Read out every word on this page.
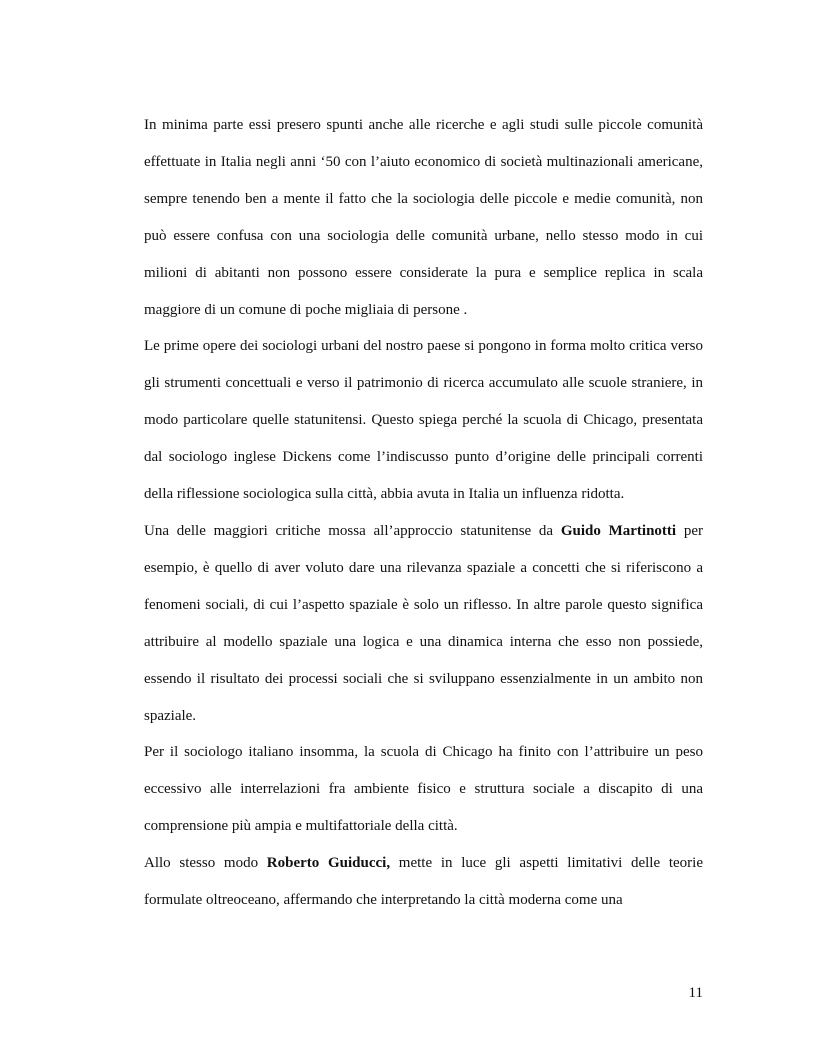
In minima parte essi presero spunti anche alle ricerche e agli studi sulle piccole comunità effettuate in Italia negli anni ‘50 con l’aiuto economico di società multinazionali americane, sempre tenendo ben a mente il fatto che la sociologia delle piccole e medie comunità, non può essere confusa con una sociologia delle comunità urbane, nello stesso modo in cui milioni di abitanti non possono essere considerate la pura e semplice replica in scala maggiore di un comune di poche migliaia di persone .

Le prime opere dei sociologi urbani del nostro paese si pongono in forma molto critica verso gli strumenti concettuali e verso il patrimonio di ricerca accumulato alle scuole straniere, in modo particolare quelle statunitensi. Questo spiega perché la scuola di Chicago, presentata dal sociologo inglese Dickens come l’indiscusso punto d’origine delle principali correnti della riflessione sociologica sulla città, abbia avuta in Italia un influenza ridotta.

Una delle maggiori critiche mossa all’approccio statunitense da Guido Martinotti per esempio, è quello di aver voluto dare una rilevanza spaziale a concetti che si riferiscono a fenomeni sociali, di cui l’aspetto spaziale è solo un riflesso. In altre parole questo significa attribuire al modello spaziale una logica e una dinamica interna che esso non possiede, essendo il risultato dei processi sociali che si sviluppano essenzialmente in un ambito non spaziale.

Per il sociologo italiano insomma, la scuola di Chicago ha finito con l’attribuire un peso eccessivo alle interrelazioni fra ambiente fisico e struttura sociale a discapito di una comprensione più ampia e multifattoriale della città.

Allo stesso modo Roberto Guiducci, mette in luce gli aspetti limitativi delle teorie formulate oltreoceano, affermando che interpretando la città moderna come una

11
